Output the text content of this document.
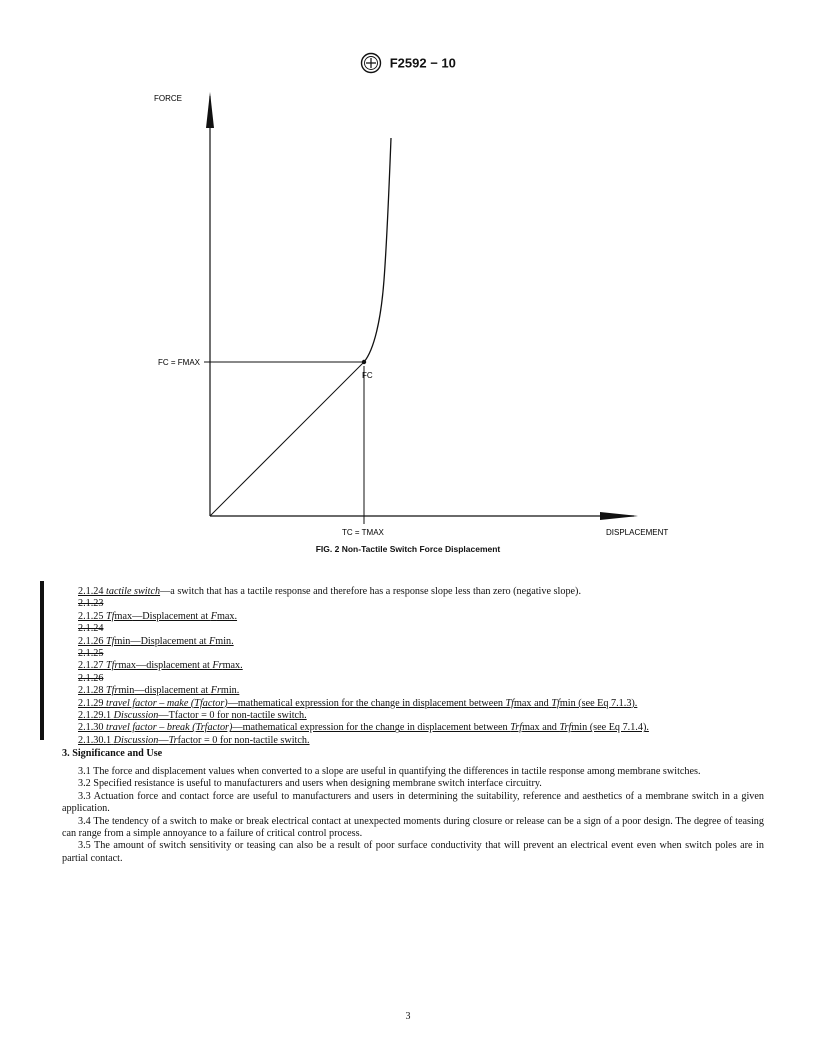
F2592 − 10
FORCE
DISPLACEMENT
FC = FMAX
FC
TC = TMAX
FIG. 2 Non-Tactile Switch Force Displacement

2.1.24 tactile switch—a switch that has a tactile response and therefore has a response slope less than zero (negative slope).

2.1.23

2.1.25 Tfmax—Displacement at Fmax.

2.1.24

2.1.26 Tfmin—Displacement at Fmin.

2.1.25

2.1.27 Tfrmax—displacement at Frmax.

2.1.26

2.1.28 Tfrmin—displacement at Frmin.

2.1.29 travel factor – make (Tfactor)—mathematical expression for the change in displacement between Tfmax and Tfmin (see Eq 7.1.3).

2.1.29.1 Discussion—Tfactor = 0 for non-tactile switch.

2.1.30 travel factor – break (Trfactor)—mathematical expression for the change in displacement between Trfmax and Trfmin (see Eq 7.1.4).

2.1.30.1 Discussion—Trfactor = 0 for non-tactile switch.

3. Significance and Use

3.1 The force and displacement values when converted to a slope are useful in quantifying the differences in tactile response among membrane switches.

3.2 Specified resistance is useful to manufacturers and users when designing membrane switch interface circuitry.

3.3 Actuation force and contact force are useful to manufacturers and users in determining the suitability, reference and aesthetics of a membrane switch in a given application.

3.4 The tendency of a switch to make or break electrical contact at unexpected moments during closure or release can be a sign of a poor design. The degree of teasing can range from a simple annoyance to a failure of critical control process.

3.5 The amount of switch sensitivity or teasing can also be a result of poor surface conductivity that will prevent an electrical event even when switch poles are in partial contact.

3
